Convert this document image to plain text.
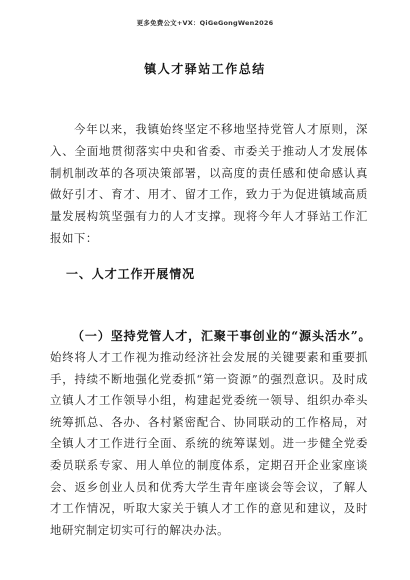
更多免费公文+VX：QiGeGongWen2026
镇人才驿站工作总结

今年以来，我镇始终坚定不移地坚持党管人才原则，深入、全面地贯彻落实中央和省委、市委关于推动人才发展体制机制改革的各项决策部署，以高度的责任感和使命感认真做好引才、育才、用才、留才工作，致力于为促进镇域高质量发展构筑坚强有力的人才支撑。现将今年人才驿站工作汇报如下：

一、人才工作开展情况
（一）坚持党管人才，汇聚干事创业的“源头活水”。

始终将人才工作视为推动经济社会发展的关键要素和重要抓手，持续不断地强化党委抓“第一资源”的强烈意识。及时成立镇人才工作领导小组，构建起党委统一领导、组织办牵头统筹抓总、各办、各村紧密配合、协同联动的工作格局，对全镇人才工作进行全面、系统的统筹谋划。进一步健全党委委员联系专家、用人单位的制度体系，定期召开企业家座谈会、返乡创业人员和优秀大学生青年座谈会等会议，了解人才工作情况，听取大家关于镇人才工作的意见和建议，及时地研究制定切实可行的解决办法。
